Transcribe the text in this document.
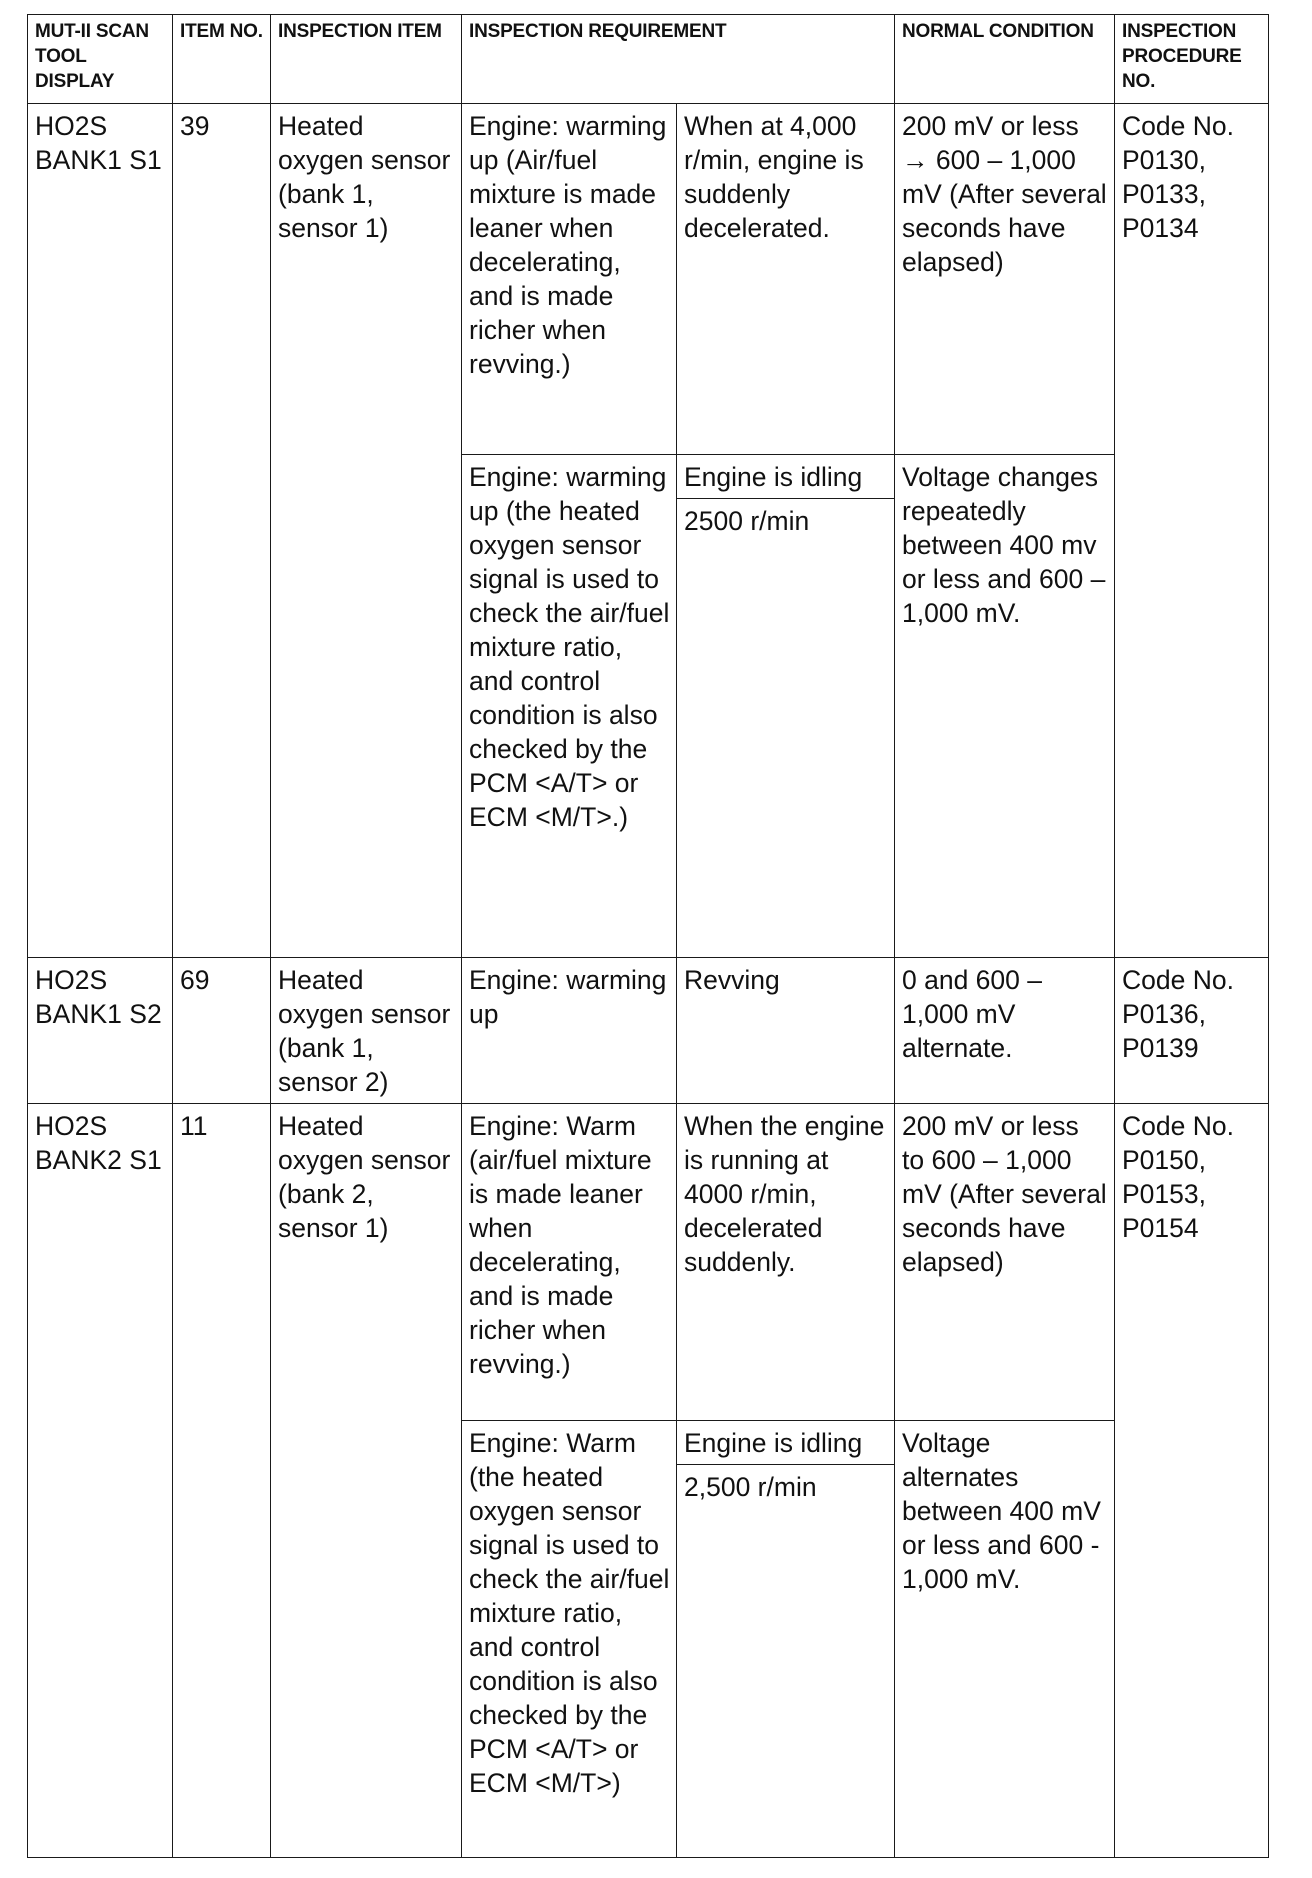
MUT-II SCAN TOOL DISPLAY	ITEM NO.	INSPECTION ITEM	INSPECTION REQUIREMENT		NORMAL CONDITION	INSPECTION PROCEDURE NO.
HO2S BANK1 S1	39	Heated oxygen sensor (bank 1, sensor 1)	Engine: warming up (Air/fuel mixture is made leaner when decelerating, and is made richer when revving.)	When at 4,000 r/min, engine is suddenly decelerated.	200 mV or less → 600 – 1,000 mV (After several seconds have elapsed)	Code No. P0130, P0133, P0134
			Engine: warming up (the heated oxygen sensor signal is used to check the air/fuel mixture ratio, and control condition is also checked by the PCM <A/T> or ECM <M/T>.)	Engine is idling	Voltage changes repeatedly between 400 mv or less and 600 – 1,000 mV.	
				2500 r/min		
HO2S BANK1 S2	69	Heated oxygen sensor (bank 1, sensor 2)	Engine: warming up	Revving	0 and 600 – 1,000 mV alternate.	Code No. P0136, P0139
HO2S BANK2 S1	11	Heated oxygen sensor (bank 2, sensor 1)	Engine: Warm (air/fuel mixture is made leaner when decelerating, and is made richer when revving.)	When the engine is running at 4000 r/min, decelerated suddenly.	200 mV or less to 600 – 1,000 mV (After several seconds have elapsed)	Code No. P0150, P0153, P0154
			Engine: Warm (the heated oxygen sensor signal is used to check the air/fuel mixture ratio, and control condition is also checked by the PCM <A/T> or ECM <M/T>)	Engine is idling	Voltage alternates between 400 mV or less and 600 - 1,000 mV.	
				2,500 r/min		
